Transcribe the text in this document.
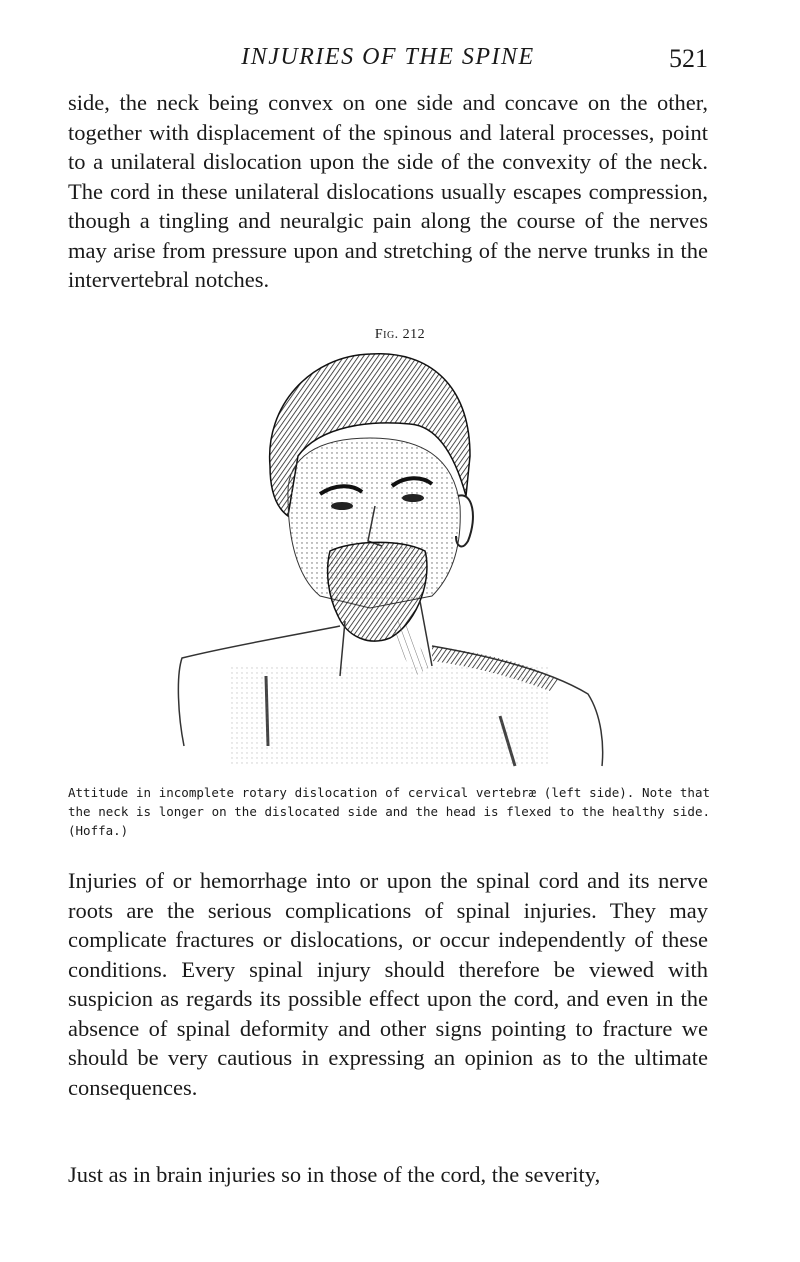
INJURIES OF THE SPINE	521

side, the neck being convex on one side and concave on the other, together with displacement of the spinous and lateral processes, point to a unilateral dislocation upon the side of the convexity of the neck. The cord in these unilateral dislocations usually escapes compression, though a tingling and neuralgic pain along the course of the nerves may arise from pressure upon and stretching of the nerve trunks in the intervertebral notches.

Fig. 212

Attitude in incomplete rotary dislocation of cervical vertebræ (left side). Note that the neck is longer on the dislocated side and the head is flexed to the healthy side. (Hoffa.)

Injuries of or hemorrhage into or upon the spinal cord and its nerve roots are the serious complications of spinal injuries. They may complicate fractures or dislocations, or occur independently of these conditions. Every spinal injury should therefore be viewed with suspicion as regards its possible effect upon the cord, and even in the absence of spinal deformity and other signs pointing to fracture we should be very cautious in expressing an opinion as to the ultimate consequences.

Just as in brain injuries so in those of the cord, the severity,
